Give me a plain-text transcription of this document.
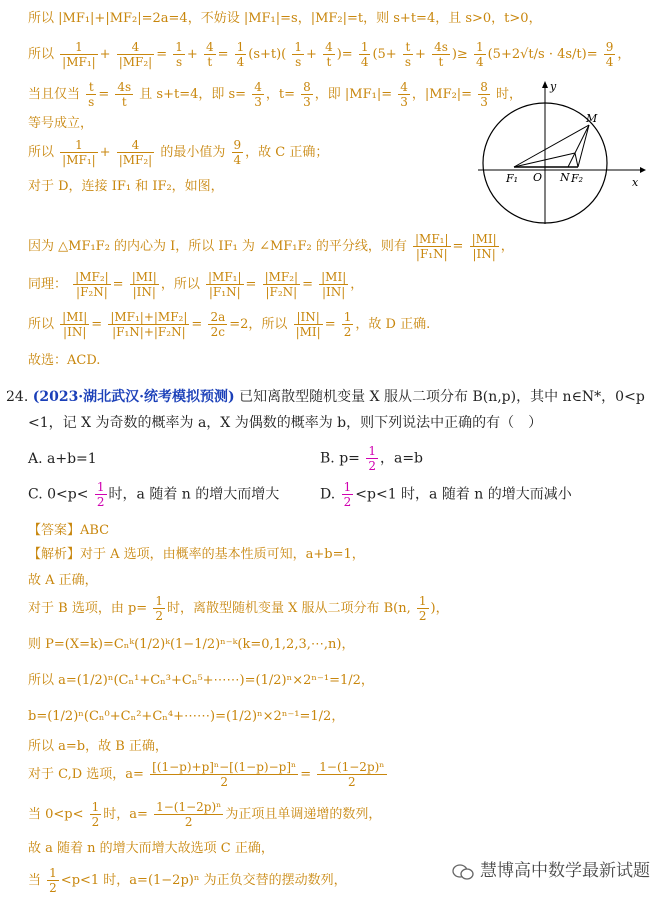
所以 |MF₁|+|MF₂|=2a=4，不妨设 |MF₁|=s，|MF₂|=t，则 s+t=4，且 s>0，t>0，
所以 $\frac{1}{\text{|MF₁|}} + \frac{4}{\text{|MF₂|}} = \frac{1}{s} + \frac{4}{t} = \frac{1}{4} (s+t)( \frac{1}{s} + \frac{4}{t}$ )= $\frac{1}{4} (5+ \frac{t}{s} + \frac{4s}{t}$ )≥ $\frac{1}{4} (5+2√t/s \cdot 4s/t)= \frac{9}{4}$ ，
当且仅当 $\frac{t}{s} = \frac{4s}{t}$ 且 s+t=4，即 $s= \frac{4}{3}$ ，$t= \frac{8}{3}$ ，即 $|MF_1|= \frac{4}{3}$ ，$|MF_2|= \frac{8}{3}$ 时，
等号成立，
所以 $\frac{1}{\text{|MF₁|}} + \frac{4}{\text{|MF₂|}}$ 的最小值为 $\frac{9}{4}$ ，故 C 正确；
对于 D，连接 IF₁ 和 IF₂，如图，
y
x
M
F₁ O N F₂
因为 △MF₁F₂ 的内心为 I，所以 IF₁ 为 ∠MF₁F₂ 的平分线，则有 $\frac{\text{|MF₁|}}{\text{|F₁N|}} = \frac{|MI|}{|IN|}$ ，
同理： $\frac{\text{|MF₂|}}{\text{|F₂N|}} = \frac{|MI|}{|IN|}$ ，所以 $\frac{\text{|MF₁|}}{\text{|F₁N|}} = \frac{\text{|MF₂|}}{\text{|F₂N|}} = \frac{|MI|}{|IN|}$ ，
所以 $\frac{|MI|}{|IN|} = \frac{\text{|MF₁|+|MF₂|}}{\text{|F₁N|+|F₂N|}} = \frac{2a}{2c} =2$，所以 $\frac{|IN|}{|MI|} = \frac{1}{2}$ ，故 D 正确.
故选：ACD.
24. (2023·湖北武汉·统考模拟预测) 已知离散型随机变量 X 服从二项分布 B(n,p)，其中 n∈N*，0<p
<1，记 X 为奇数的概率为 a，X 为偶数的概率为 b，则下列说法中正确的有（　）
A. a+b=1	B. $p= \frac{1}{2}$ ，a=b
C. $0<p< \frac{1}{2}$ 时，a 随着 n 的增大而增大	D. $\frac{1}{2} <p<1$ 时，a 随着 n 的增大而减小
【答案】ABC
【解析】对于 A 选项，由概率的基本性质可知，a+b=1，
故 A 正确，
对于 B 选项，由 $p= \frac{1}{2}$ 时，离散型随机变量 X 服从二项分布 B(n, $\frac{1}{2}$ )，
则 P=(X=k)=Cₙᵏ(1/2)ᵏ(1−1/2)ⁿ⁻ᵏ(k=0,1,2,3,⋯,n)，
所以 a=(1/2)ⁿ(Cₙ¹+Cₙ³+Cₙ⁵+⋯⋯)=(1/2)ⁿ×2ⁿ⁻¹=1/2，
b=(1/2)ⁿ(Cₙ⁰+Cₙ²+Cₙ⁴+⋯⋯)=(1/2)ⁿ×2ⁿ⁻¹=1/2，
所以 a=b，故 B 正确，
对于 C,D 选项，$a= \frac{\text{[(1−p)+p]ⁿ−[(1−p)−p]ⁿ}}{2} = \frac{\text{1−(1−2p)ⁿ}}{2}$
当 $0<p< \frac{1}{2}$ 时，$a= \frac{\text{1−(1−2p)ⁿ}}{2}$ 为正项且单调递增的数列，
故 a 随着 n 的增大而增大故选项 C 正确，
当 $\frac{1}{2} <p<1$ 时，a=(1−2p)ⁿ 为正负交替的摆动数列，
慧博高中数学最新试题
